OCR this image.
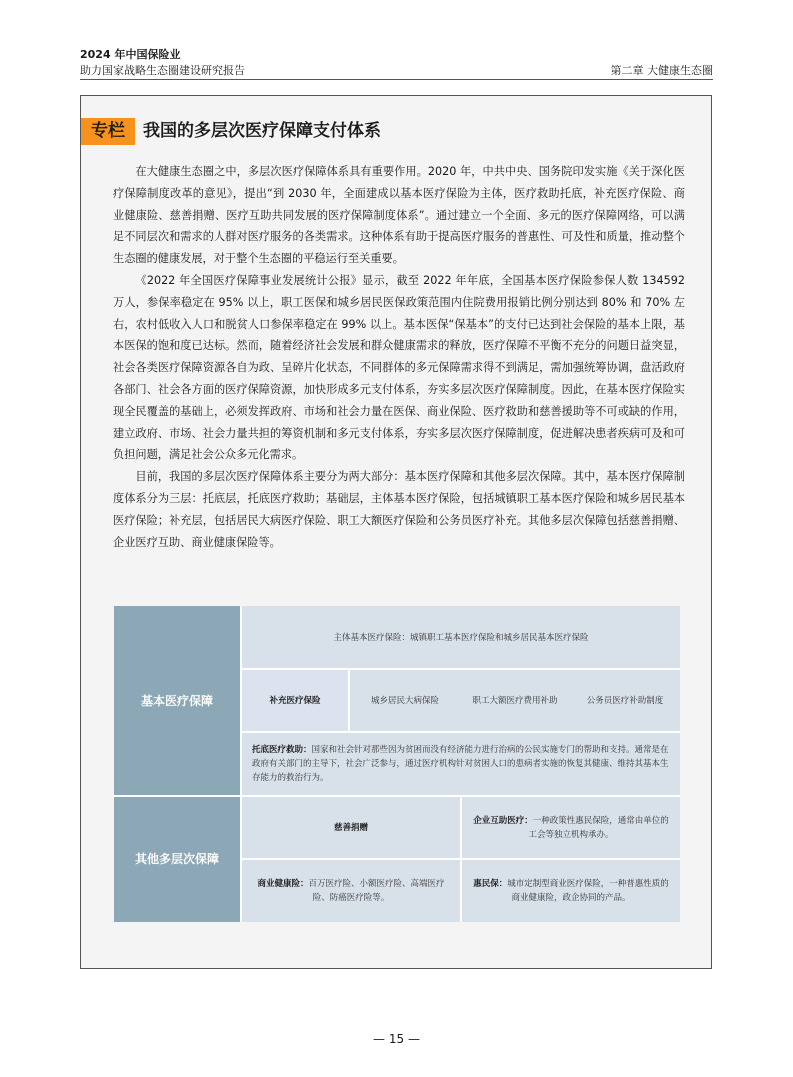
2024 年中国保险业
助力国家战略生态圈建设研究报告	第二章 大健康生态圈
专栏	我国的多层次医疗保障支付体系

在大健康生态圈之中，多层次医疗保障体系具有重要作用。2020 年，中共中央、国务院印发实施《关于深化医疗保障制度改革的意见》，提出“到 2030 年，全面建成以基本医疗保险为主体，医疗救助托底，补充医疗保险、商业健康险、慈善捐赠、医疗互助共同发展的医疗保障制度体系”。通过建立一个全面、多元的医疗保障网络，可以满足不同层次和需求的人群对医疗服务的各类需求。这种体系有助于提高医疗服务的普惠性、可及性和质量，推动整个生态圈的健康发展，对于整个生态圈的平稳运行至关重要。

《2022 年全国医疗保障事业发展统计公报》显示，截至 2022 年年底，全国基本医疗保险参保人数 134592 万人，参保率稳定在 95% 以上，职工医保和城乡居民医保政策范围内住院费用报销比例分别达到 80% 和 70% 左右，农村低收入人口和脱贫人口参保率稳定在 99% 以上。基本医保“保基本”的支付已达到社会保险的基本上限，基本医保的饱和度已达标。然而，随着经济社会发展和群众健康需求的释放，医疗保障不平衡不充分的问题日益突显，社会各类医疗保障资源各自为政、呈碎片化状态，不同群体的多元保障需求得不到满足，需加强统筹协调，盘活政府各部门、社会各方面的医疗保障资源，加快形成多元支付体系，夯实多层次医疗保障制度。因此，在基本医疗保险实现全民覆盖的基础上，必须发挥政府、市场和社会力量在医保、商业保险、医疗救助和慈善援助等不可或缺的作用，建立政府、市场、社会力量共担的筹资机制和多元支付体系，夯实多层次医疗保障制度，促进解决患者疾病可及和可负担问题，满足社会公众多元化需求。

目前，我国的多层次医疗保障体系主要分为两大部分：基本医疗保障和其他多层次保障。其中，基本医疗保障制度体系分为三层：托底层，托底医疗救助；基础层，主体基本医疗保险，包括城镇职工基本医疗保险和城乡居民基本医疗保险；补充层，包括居民大病医疗保险、职工大额医疗保险和公务员医疗补充。其他多层次保障包括慈善捐赠、企业医疗互助、商业健康保险等。

基本医疗保障
其他多层次保障
主体基本医疗保险：城镇职工基本医疗保险和城乡居民基本医疗保险
补充医疗保险	城乡居民大病保险	职工大额医疗费用补助	公务员医疗补助制度
托底医疗救助：国家和社会针对那些因为贫困而没有经济能力进行治病的公民实施专门的帮助和支持。通常是在政府有关部门的主导下，社会广泛参与，通过医疗机构针对贫困人口的患病者实施的恢复其健康、维持其基本生存能力的救治行为。
慈善捐赠
企业互助医疗：一种政策性惠民保险，通常由单位的工会等独立机构承办。
商业健康险：百万医疗险、小额医疗险、高端医疗险、防癌医疗险等。
惠民保：城市定制型商业医疗保险，一种普惠性质的商业健康险，政企协同的产品。
— 15 —
